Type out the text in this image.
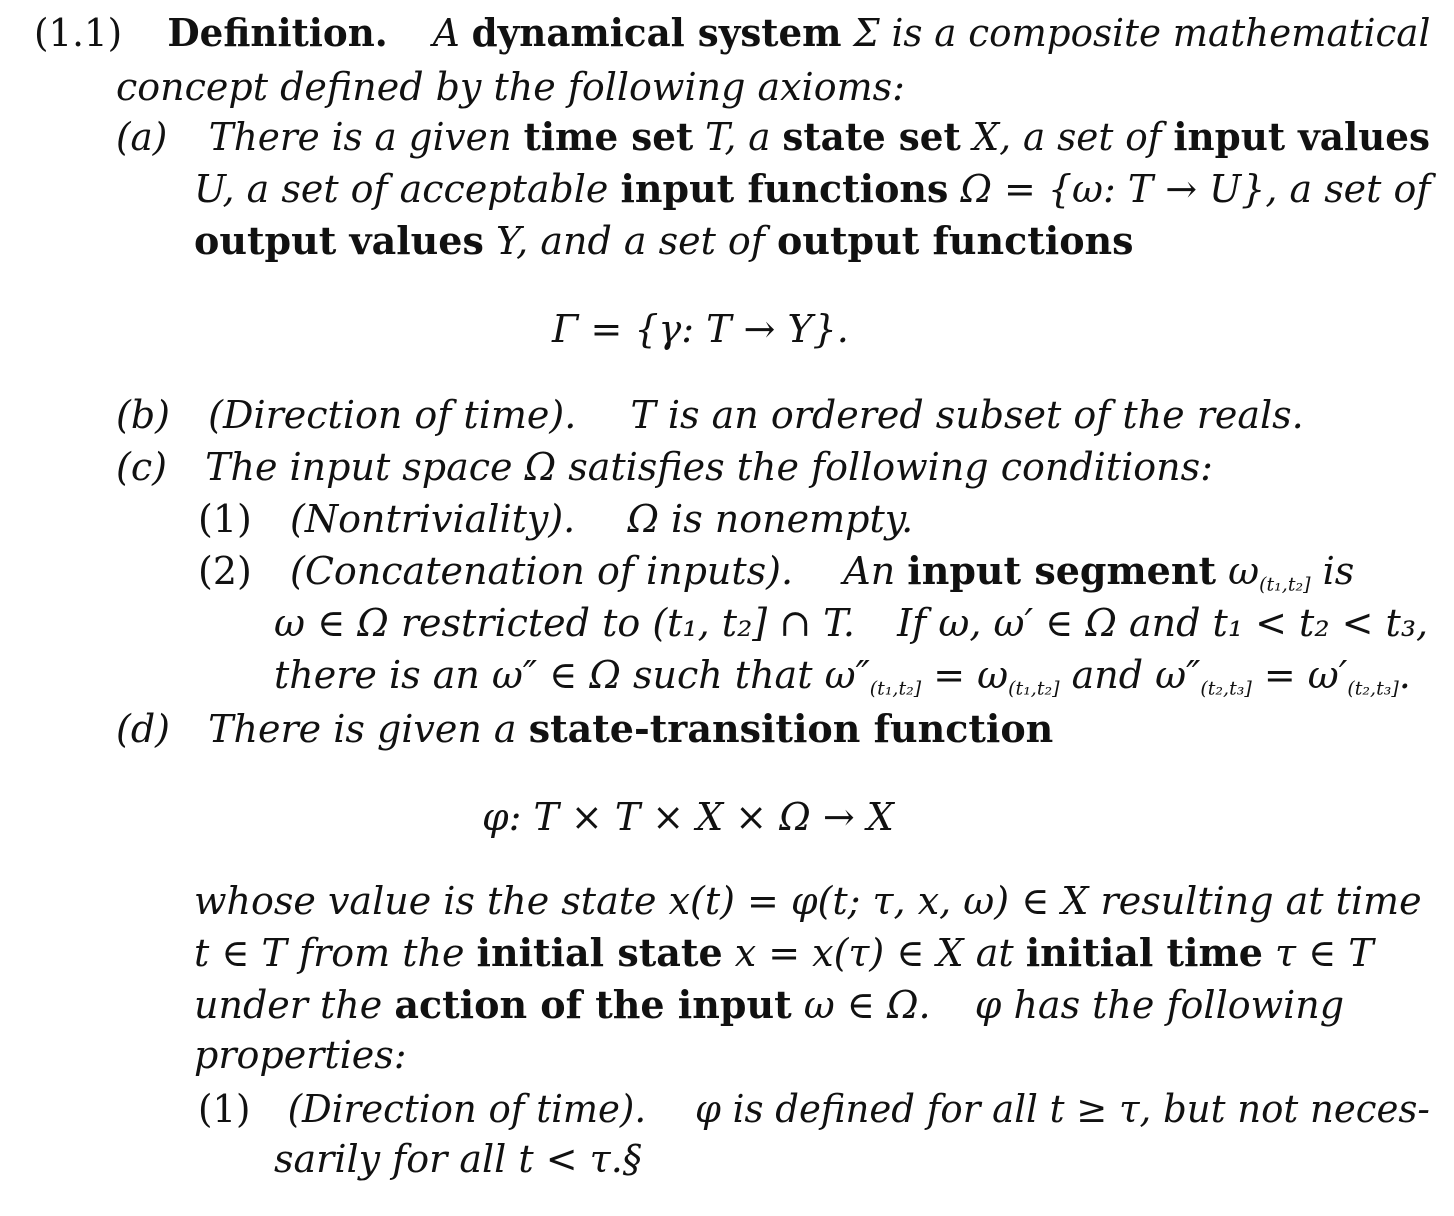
(1.1) Definition. A dynamical system Σ is a composite mathematical
concept defined by the following axioms:
(a) There is a given time set T, a state set X, a set of input values
U, a set of acceptable input functions Ω = {ω: T → U}, a set of
output values Y, and a set of output functions
Γ = {γ: T → Y}.
(b) (Direction of time). T is an ordered subset of the reals.
(c) The input space Ω satisfies the following conditions:
(1) (Nontriviality). Ω is nonempty.
(2) (Concatenation of inputs). An input segment $\omega_{(t_1,t_2]}$ is
ω ∈ Ω restricted to (t₁, t₂] ∩ T. If ω, ω′ ∈ Ω and t₁ < t₂ < t₃,
there is an ω″ ∈ Ω such that $\omega''_{(t_1,t_2]} = \omega_{(t_1,t_2]}$ and $\omega''_{(t_2,t_3]} = \omega'_{(t_2,t_3]}$.
(d) There is given a state-transition function
φ: T × T × X × Ω → X
whose value is the state x(t) = φ(t; τ, x, ω) ∈ X resulting at time
t ∈ T from the initial state x = x(τ) ∈ X at initial time τ ∈ T
under the action of the input ω ∈ Ω. φ has the following
properties:
(1) (Direction of time). φ is defined for all t ≥ τ, but not neces-
sarily for all t < τ.§
